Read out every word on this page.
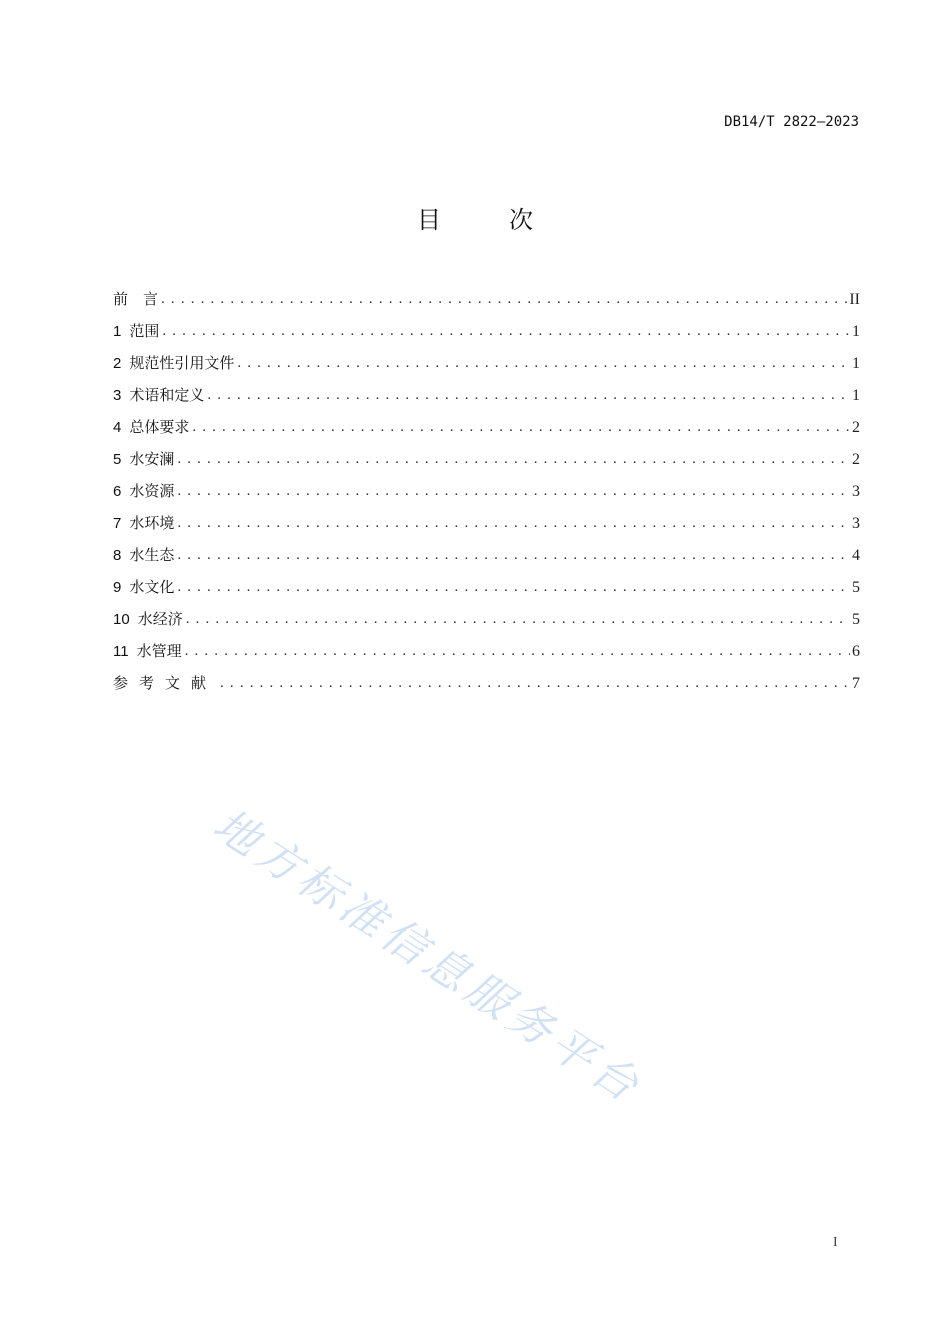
DB14/T 2822—2023
目　次
前　言 . . .	II
1 范围 . . .	1
2 规范性引用文件 . . .	1
3 术语和定义 . . .	1
4 总体要求 . . .	2
5 水安澜 . . .	2
6 水资源 . . .	3
7 水环境 . . .	3
8 水生态 . . .	4
9 水文化 . . .	5
10 水经济 . . .	5
11 水管理 . . .	6
参考文献 . . .	7
地方标准信息服务平台
I
